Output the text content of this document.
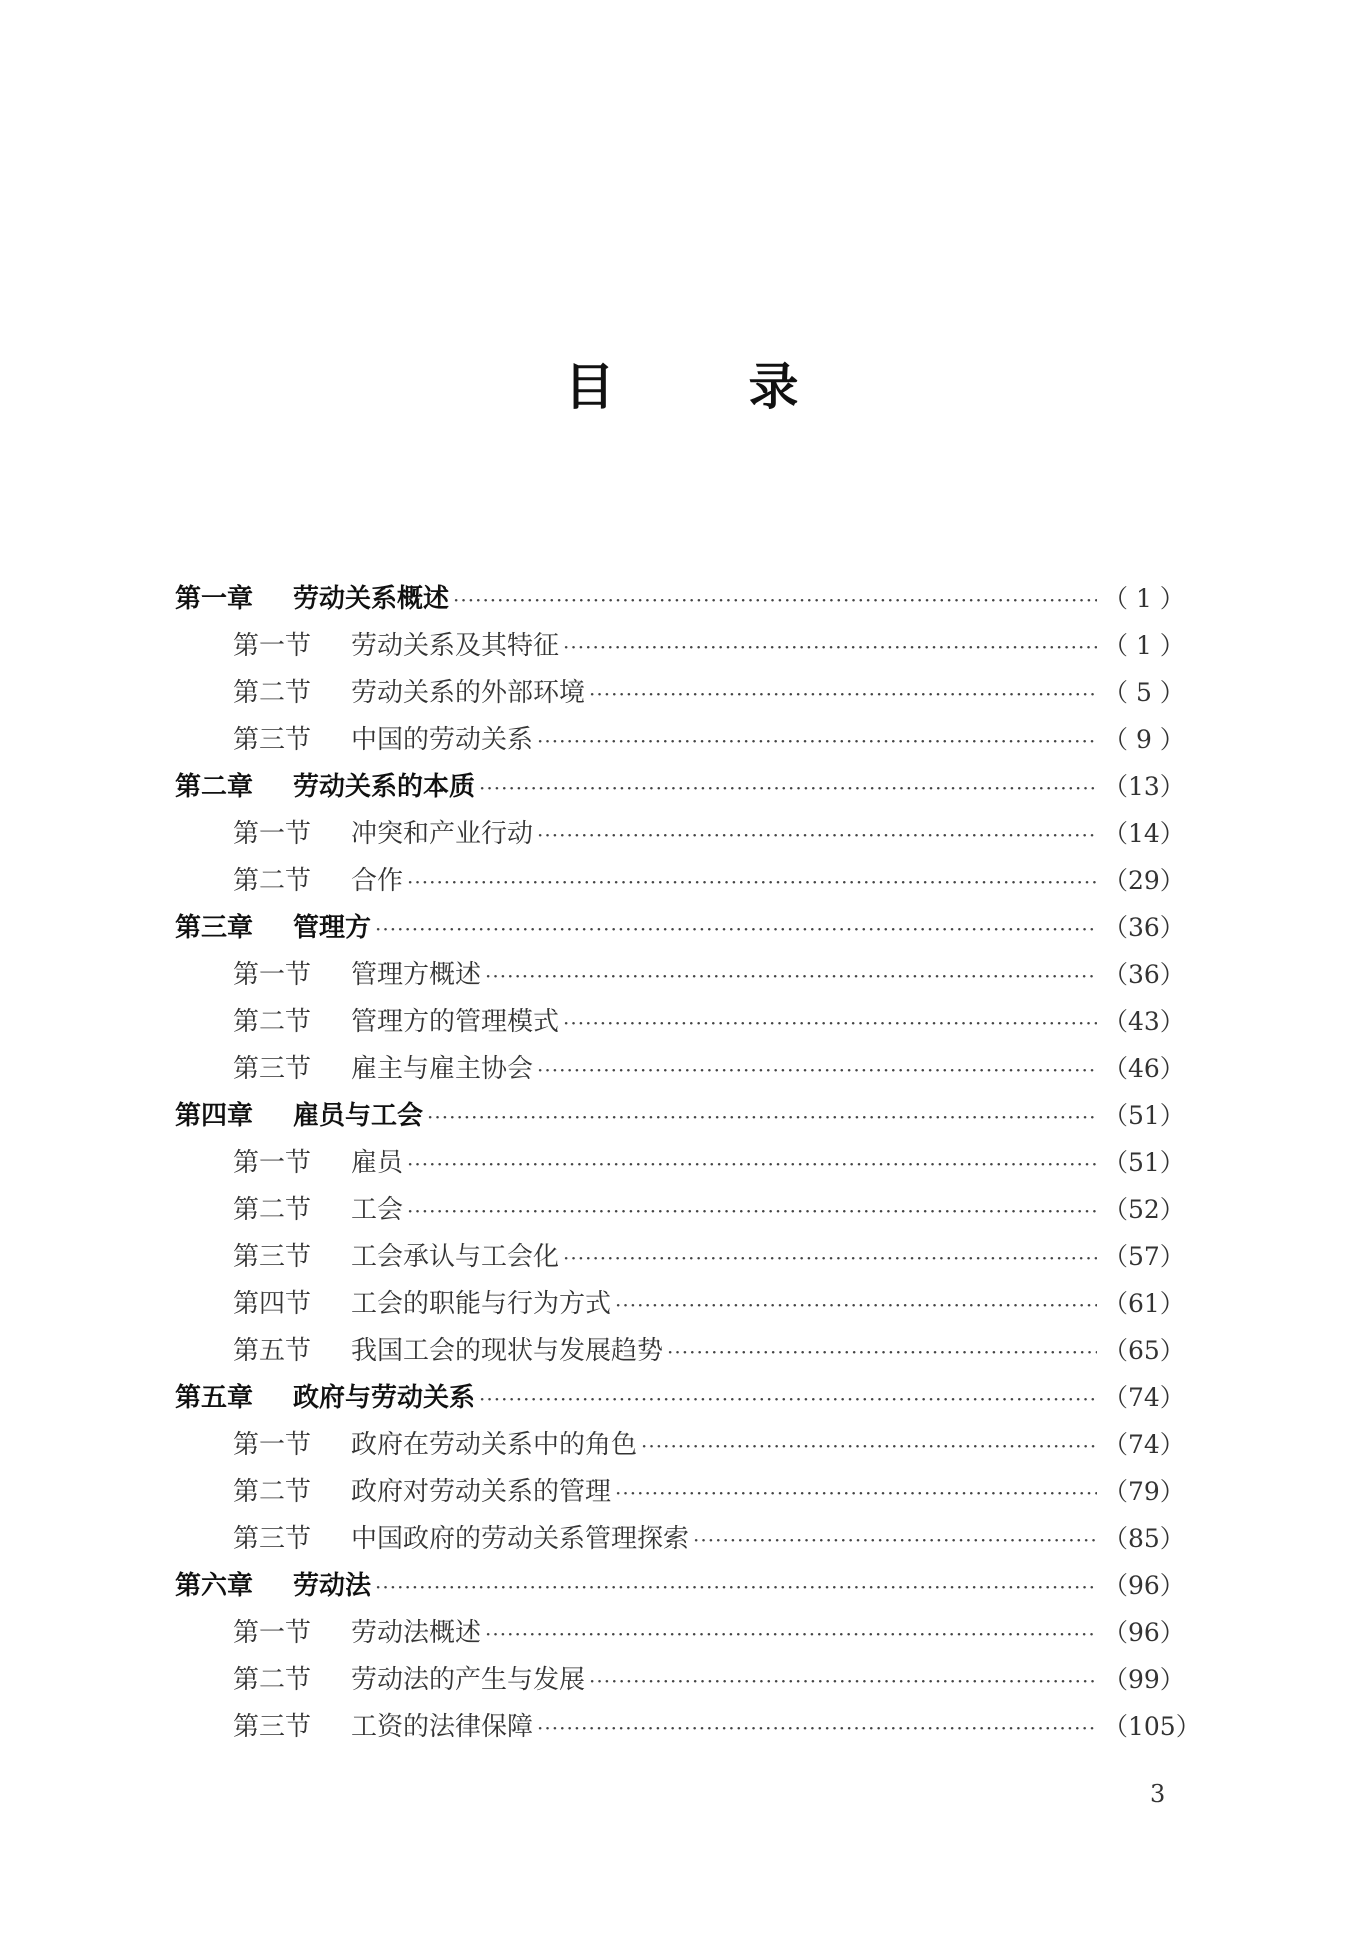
目　录
第一章	劳动关系概述 ·····	（ 1 ）
第一节	劳动关系及其特征 ·····	（ 1 ）
第二节	劳动关系的外部环境 ·····	（ 5 ）
第三节	中国的劳动关系 ·····	（ 9 ）
第二章	劳动关系的本质 ·····	（13）
第一节	冲突和产业行动 ·····	（14）
第二节	合作 ·····	（29）
第三章	管理方 ·····	（36）
第一节	管理方概述 ·····	（36）
第二节	管理方的管理模式 ·····	（43）
第三节	雇主与雇主协会 ·····	（46）
第四章	雇员与工会 ·····	（51）
第一节	雇员 ·····	（51）
第二节	工会 ·····	（52）
第三节	工会承认与工会化 ·····	（57）
第四节	工会的职能与行为方式 ·····	（61）
第五节	我国工会的现状与发展趋势 ·····	（65）
第五章	政府与劳动关系 ·····	（74）
第一节	政府在劳动关系中的角色 ·····	（74）
第二节	政府对劳动关系的管理 ·····	（79）
第三节	中国政府的劳动关系管理探索 ·····	（85）
第六章	劳动法 ·····	（96）
第一节	劳动法概述 ·····	（96）
第二节	劳动法的产生与发展 ·····	（99）
第三节	工资的法律保障 ·····	（105）
3
